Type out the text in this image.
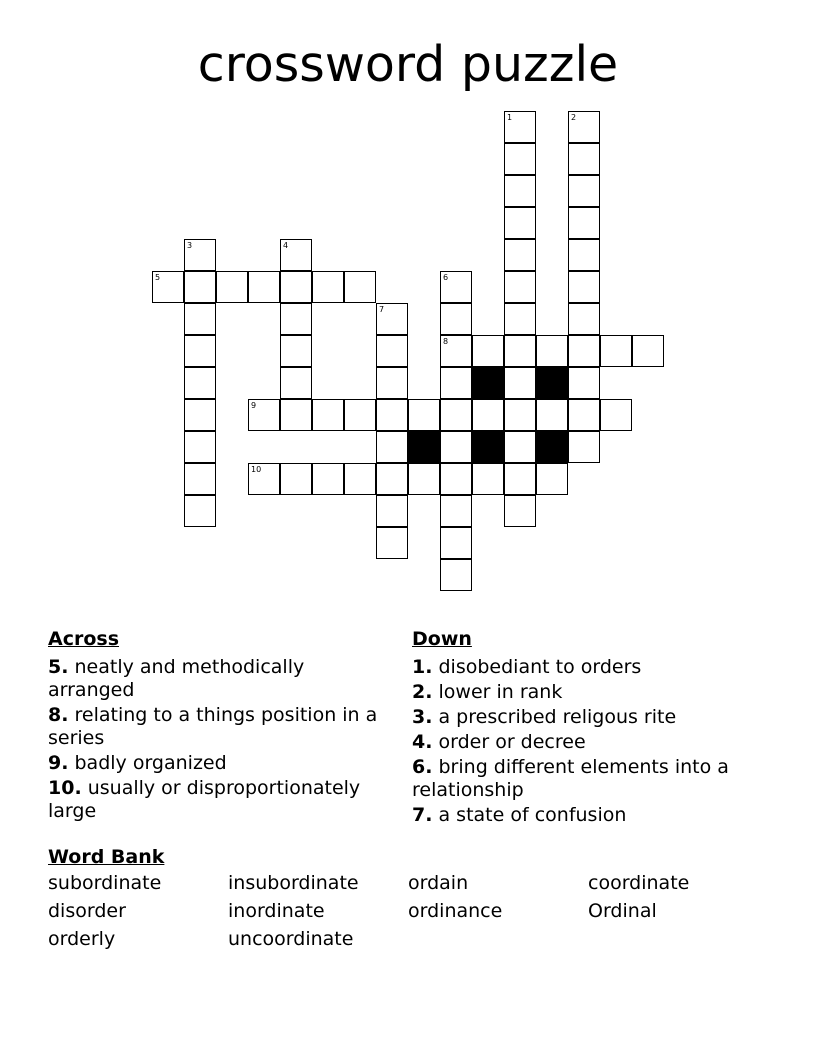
crossword puzzle
1	2
3	4
6
8
7
5
9
10
Across
5. neatly and methodically arranged
8. relating to a things position in a series
9. badly organized
10. usually or disproportionately large
Down
1. disobediant to orders
2. lower in rank
3. a prescribed religous rite
4. order or decree
6. bring different elements into a relationship
7. a state of confusion
Word Bank
subordinate	insubordinate	ordain	coordinate
disorder	inordinate	ordinance	Ordinal
orderly	uncoordinate
